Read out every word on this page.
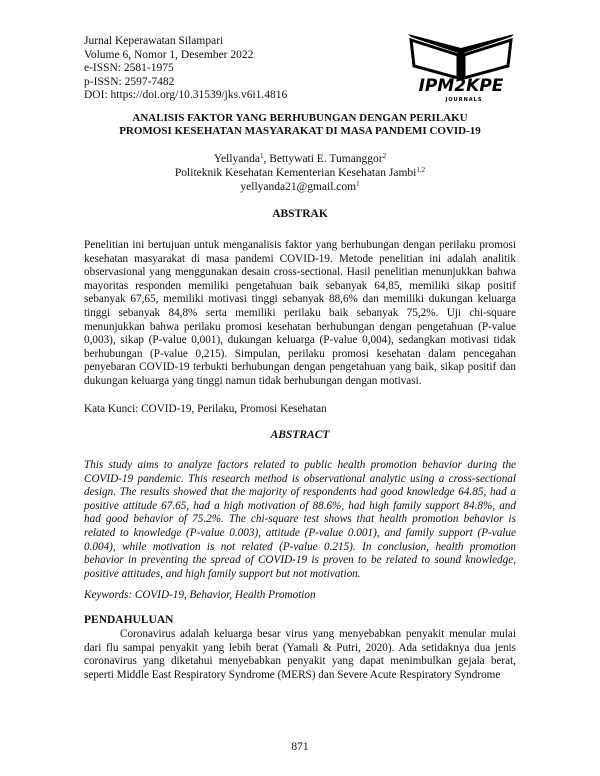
Jurnal Keperawatan Silampari
Volume 6, Nomor 1, Desember 2022
e-ISSN: 2581-1975
p-ISSN: 2597-7482
DOI: https://doi.org/10.31539/jks.v6i1.4816	IPM2KPE
JOURNALS
ANALISIS FAKTOR YANG BERHUBUNGAN DENGAN PERILAKU
PROMOSI KESEHATAN MASYARAKAT DI MASA PANDEMI COVID-19
Yellyanda$^1$, Bettywati E. Tumanggor$^2$
Politeknik Kesehatan Kementerian Kesehatan Jambi$^{1,2}$
yellyanda21@gmail.com$^1$
ABSTRAK
Penelitian ini bertujuan untuk menganalisis faktor yang berhubungan dengan perilaku promosi kesehatan masyarakat di masa pandemi COVID-19. Metode penelitian ini adalah analitik observasional yang menggunakan desain cross-sectional. Hasil penelitian menunjukkan bahwa mayoritas responden memiliki pengetahuan baik sebanyak 64,85, memiliki sikap positif sebanyak 67,65, memiliki motivasi tinggi sebanyak 88,6% dan memiliki dukungan keluarga tinggi sebanyak 84,8% serta memiliki perilaku baik sebanyak 75,2%. Uji chi-square menunjukkan bahwa perilaku promosi kesehatan berhubungan dengan pengetahuan (P-value 0,003), sikap (P-value 0,001), dukungan keluarga (P-value 0,004), sedangkan motivasi tidak berhubungan (P-value 0,215). Simpulan, perilaku promosi kesehatan dalam pencegahan penyebaran COVID-19 terbukti berhubungan dengan pengetahuan yang baik, sikap positif dan dukungan keluarga yang tinggi namun tidak berhubungan dengan motivasi.
Kata Kunci: COVID-19, Perilaku, Promosi Kesehatan
ABSTRACT
This study aims to analyze factors related to public health promotion behavior during the COVID-19 pandemic. This research method is observational analytic using a cross-sectional design. The results showed that the majority of respondents had good knowledge 64.85, had a positive attitude 67.65, had a high motivation of 88.6%, had high family support 84.8%, and had good behavior of 75.2%. The chi-square test shows that health promotion behavior is related to knowledge (P-value 0.003), attitude (P-value 0.001), and family support (P-value 0.004), while motivation is not related (P-value 0.215). In conclusion, health promotion behavior in preventing the spread of COVID-19 is proven to be related to sound knowledge, positive attitudes, and high family support but not motivation.
Keywords: COVID-19, Behavior, Health Promotion
PENDAHULUAN

Coronavirus adalah keluarga besar virus yang menyebabkan penyakit menular mulai dari flu sampai penyakit yang lebih berat (Yamali & Putri, 2020). Ada setidaknya dua jenis coronavirus yang diketahui menyebabkan penyakit yang dapat menimbulkan gejala berat, seperti Middle East Respiratory Syndrome (MERS) dan Severe Acute Respiratory Syndrome

871
